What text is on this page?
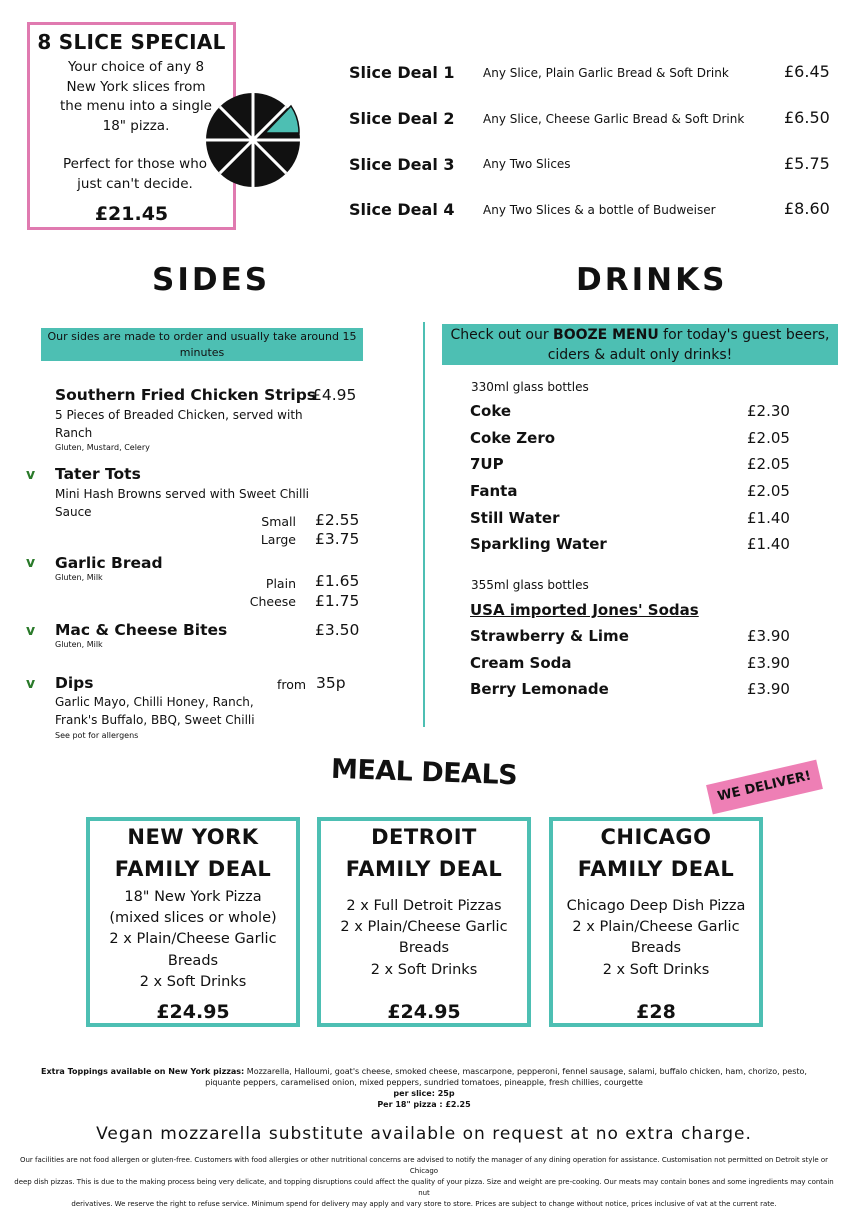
8 SLICE SPECIAL
Your choice of any 8
New York slices from
the menu into a single
18" pizza.
Perfect for those who
just can't decide.
£21.45
Slice Deal 1 Any Slice, Plain Garlic Bread & Soft Drink	£6.45
Slice Deal 2 Any Slice, Cheese Garlic Bread & Soft Drink £6.50
Slice Deal 3 Any Two Slices	£5.75
Slice Deal 4 Any Two Slices & a bottle of Budweiser	£8.60
SIDES
Our sides are made to order and usually take around 15
minutes
Southern Fried Chicken Strips
£4.95
5 Pieces of Breaded Chicken, served with
Ranch
Gluten, Mustard, Celery
v Tater Tots
Mini Hash Browns served with Sweet Chilli
Sauce
Small £2.55
Large £3.75
v Garlic Bread
Gluten, Milk	Plain £1.65
Cheese £1.75
v Mac & Cheese Bites	£3.50
Gluten, Milk
v Dips	from 35p
Garlic Mayo, Chilli Honey, Ranch,
Frank's Buffalo, BBQ, Sweet Chilli
See pot for allergens
DRINKS
Check out our BOOZE MENU for today's guest beers,
ciders & adult only drinks!
330ml glass bottles
Coke	£2.30
Coke Zero	£2.05
7UP	£2.05
Fanta	£2.05
Still Water	£1.40
Sparkling Water	£1.40
355ml glass bottles
USA imported Jones' Sodas
Strawberry & Lime	£3.90
Cream Soda	£3.90
Berry Lemonade	£3.90
MEAL DEALS	WE DELIVER!
NEW YORK
FAMILY DEAL
18" New York Pizza
(mixed slices or whole)
2 x Plain/Cheese Garlic
Breads
2 x Soft Drinks
£24.95
DETROIT
FAMILY DEAL
2 x Full Detroit Pizzas
2 x Plain/Cheese Garlic
Breads
2 x Soft Drinks
£24.95
CHICAGO
FAMILY DEAL
Chicago Deep Dish Pizza
2 x Plain/Cheese Garlic
Breads
2 x Soft Drinks
£28
Extra Toppings available on New York pizzas: Mozzarella, Halloumi, goat's cheese, smoked cheese, mascarpone, pepperoni, fennel sausage, salami, buffalo chicken, ham, chorizo, pesto,
piquante peppers, caramelised onion, mixed peppers, sundried tomatoes, pineapple, fresh chillies, courgette
per slice: 25p
Per 18" pizza : £2.25
Vegan mozzarella substitute available on request at no extra charge.
Our facilities are not food allergen or gluten-free. Customers with food allergies or other nutritional concerns are advised to notify the manager of any dining operation for assistance. Customisation not permitted on Detroit style or Chicago
deep dish pizzas. This is due to the making process being very delicate, and topping disruptions could affect the quality of your pizza. Size and weight are pre-cooking. Our meats may contain bones and some ingredients may contain nut
derivatives. We reserve the right to refuse service. Minimum spend for delivery may apply and vary store to store. Prices are subject to change without notice, prices inclusive of vat at the current rate.
